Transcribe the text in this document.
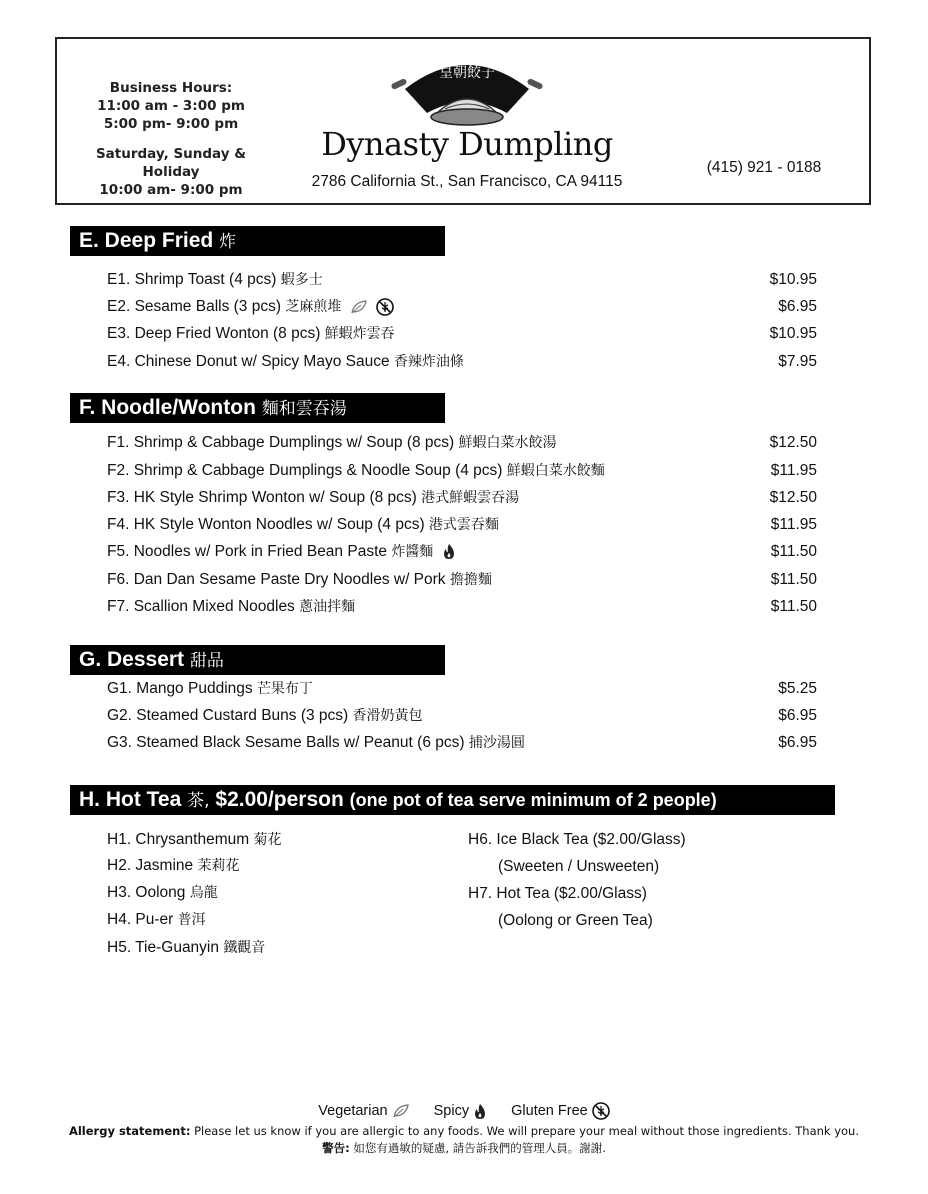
Business Hours:
11:00 am - 3:00 pm
5:00 pm- 9:00 pm
Saturday, Sunday & Holiday
10:00 am- 9:00 pm
皇朝餃子
Dynasty Dumpling
2786 California St., San Francisco, CA 94115
(415) 921 - 0188
E. Deep Fried 炸
E1. Shrimp Toast (4 pcs) 蝦多士	$10.95
E2. Sesame Balls (3 pcs) 芝麻煎堆	$6.95
E3. Deep Fried Wonton (8 pcs) 鮮蝦炸雲吞	$10.95
E4. Chinese Donut w/ Spicy Mayo Sauce 香辣炸油條	$7.95
F. Noodle/Wonton 麵和雲吞湯
F1. Shrimp & Cabbage Dumplings w/ Soup (8 pcs) 鮮蝦白菜水餃湯	$12.50
F2. Shrimp & Cabbage Dumplings & Noodle Soup (4 pcs) 鮮蝦白菜水餃麵	$11.95
F3. HK Style Shrimp Wonton w/ Soup (8 pcs) 港式鮮蝦雲吞湯	$12.50
F4. HK Style Wonton Noodles w/ Soup (4 pcs) 港式雲吞麵	$11.95
F5. Noodles w/ Pork in Fried Bean Paste 炸醬麵	$11.50
F6. Dan Dan Sesame Paste Dry Noodles w/ Pork 擔擔麵	$11.50
F7. Scallion Mixed Noodles 蔥油拌麵	$11.50
G. Dessert 甜品
G1. Mango Puddings 芒果布丁	$5.25
G2. Steamed Custard Buns (3 pcs) 香滑奶黃包	$6.95
G3. Steamed Black Sesame Balls w/ Peanut (6 pcs) 捕沙湯圓	$6.95
H. Hot Tea 茶, $2.00/person (one pot of tea serve minimum of 2 people)
H1. Chrysanthemum 菊花
H2. Jasmine 茉莉花
H3. Oolong 烏龍
H4. Pu-er 普洱
H5. Tie-Guanyin 鐵觀音
H6. Ice Black Tea ($2.00/Glass)
(Sweeten / Unsweeten)
H7. Hot Tea ($2.00/Glass)
(Oolong or Green Tea)
Vegetarian	Spicy	Gluten Free
Allergy statement: Please let us know if you are allergic to any foods. We will prepare your meal without those ingredients. Thank you.
警告: 如您有過敏的疑慮, 請告訴我們的管理人員。謝謝.
